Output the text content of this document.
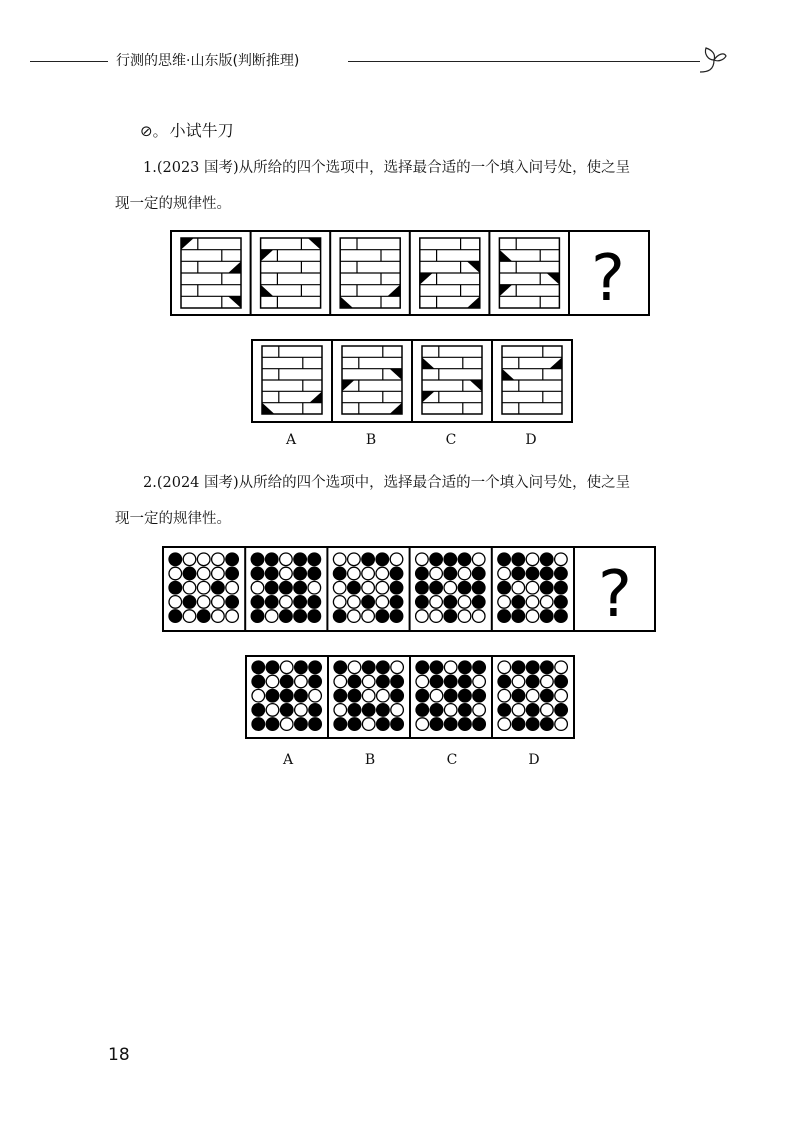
行测的思维·山东版(判断推理)
⊘。 小试牛刀
1.(2023 国考)从所给的四个选项中，选择最合适的一个填入问号处，使之呈
现一定的规律性。
?
A	B	C	D
2.(2024 国考)从所给的四个选项中，选择最合适的一个填入问号处，使之呈
现一定的规律性。
?
A	B	C	D
18
